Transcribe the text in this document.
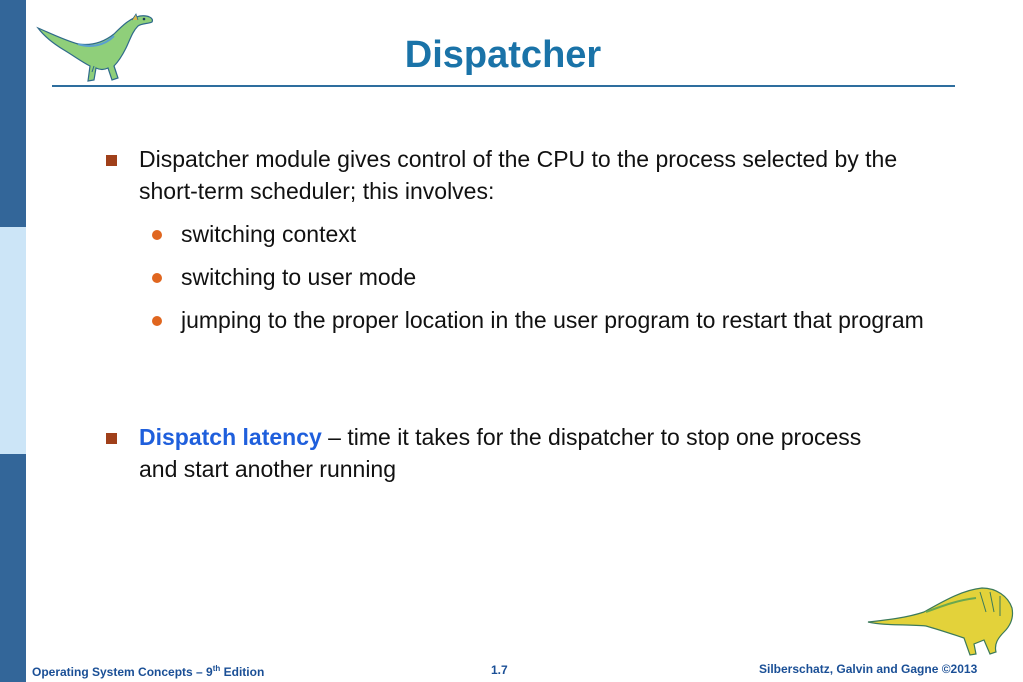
Dispatcher
Dispatcher module gives control of the CPU to the process selected by the short-term scheduler; this involves:
switching context
switching to user mode
jumping to the proper location in the user program to restart that program
Dispatch latency – time it takes for the dispatcher to stop one process and start another running
Operating System Concepts – 9th Edition	1.7	Silberschatz, Galvin and Gagne ©2013
